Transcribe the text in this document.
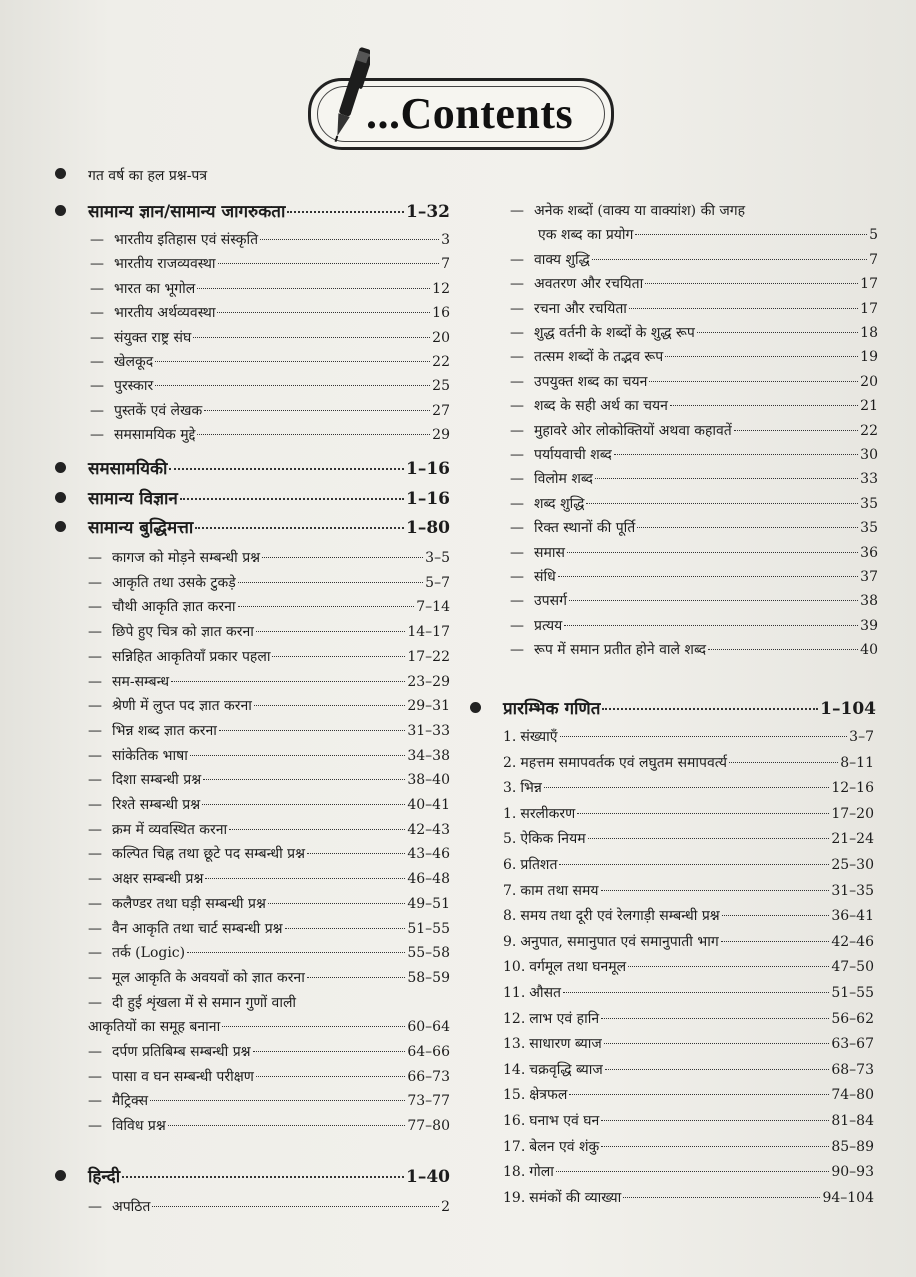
...Contents
गत वर्ष का हल प्रश्न-पत्र
सामान्य ज्ञान/सामान्य जागरुकता	1–32
— भारतीय इतिहास एवं संस्कृति	3
— भारतीय राजव्यवस्था	7
— भारत का भूगोल	12
— भारतीय अर्थव्यवस्था	16
— संयुक्त राष्ट्र संघ	20
— खेलकूद	22
— पुरस्कार	25
— पुस्तकें एवं लेखक	27
— समसामयिक मुद्दे	29
समसामयिकी	1–16
सामान्य विज्ञान	1–16
सामान्य बुद्धिमत्ता	1–80
— कागज को मोड़ने सम्बन्धी प्रश्न	3–5
— आकृति तथा उसके टुकड़े	5–7
— चौथी आकृति ज्ञात करना	7–14
— छिपे हुए चित्र को ज्ञात करना	14–17
— सन्निहित आकृतियाँ प्रकार पहला	17–22
— सम-सम्बन्ध	23–29
— श्रेणी में लुप्त पद ज्ञात करना	29–31
— भिन्न शब्द ज्ञात करना	31–33
— सांकेतिक भाषा	34–38
— दिशा सम्बन्धी प्रश्न	38–40
— रिश्ते सम्बन्धी प्रश्न	40–41
— क्रम में व्यवस्थित करना	42–43
— कल्पित चिह्न तथा छूटे पद सम्बन्धी प्रश्न	43–46
— अक्षर सम्बन्धी प्रश्न	46–48
— कलैण्डर तथा घड़ी सम्बन्धी प्रश्न	49–51
— वैन आकृति तथा चार्ट सम्बन्धी प्रश्न	51–55
— तर्क (Logic)	55–58
— मूल आकृति के अवयवों को ज्ञात करना	58–59
— दी हुई शृंखला में से समान गुणों वाली
आकृतियों का समूह बनाना	60–64
— दर्पण प्रतिबिम्ब सम्बन्धी प्रश्न	64–66
— पासा व घन सम्बन्धी परीक्षण	66–73
— मैट्रिक्स	73–77
— विविध प्रश्न	77–80
हिन्दी	1–40
— अपठित	2
— अनेक शब्दों (वाक्य या वाक्यांश) की जगह
एक शब्द का प्रयोग	5
— वाक्य शुद्धि	7
— अवतरण और रचयिता	17
— रचना और रचयिता	17
— शुद्ध वर्तनी के शब्दों के शुद्ध रूप	18
— तत्सम शब्दों के तद्भव रूप	19
— उपयुक्त शब्द का चयन	20
— शब्द के सही अर्थ का चयन	21
— मुहावरे ओर लोकोक्तियों अथवा कहावतें	22
— पर्यायवाची शब्द	30
— विलोम शब्द	33
— शब्द शुद्धि	35
— रिक्त स्थानों की पूर्ति	35
— समास	36
— संधि	37
— उपसर्ग	38
— प्रत्यय	39
— रूप में समान प्रतीत होने वाले शब्द	40
प्रारम्भिक गणित	1–104
1. संख्याएँ	3–7
2. महत्तम समापवर्तक एवं लघुतम समापवर्त्य	8–11
3. भिन्न	12–16
1. सरलीकरण	17–20
5. ऐकिक नियम	21–24
6. प्रतिशत	25–30
7. काम तथा समय	31–35
8. समय तथा दूरी एवं रेलगाड़ी सम्बन्धी प्रश्न	36–41
9. अनुपात, समानुपात एवं समानुपाती भाग	42–46
10. वर्गमूल तथा घनमूल	47–50
11. औसत	51–55
12. लाभ एवं हानि	56–62
13. साधारण ब्याज	63–67
14. चक्रवृद्धि ब्याज	68–73
15. क्षेत्रफल	74–80
16. घनाभ एवं घन	81–84
17. बेलन एवं शंकु	85–89
18. गोला	90–93
19. समंकों की व्याख्या	94–104
